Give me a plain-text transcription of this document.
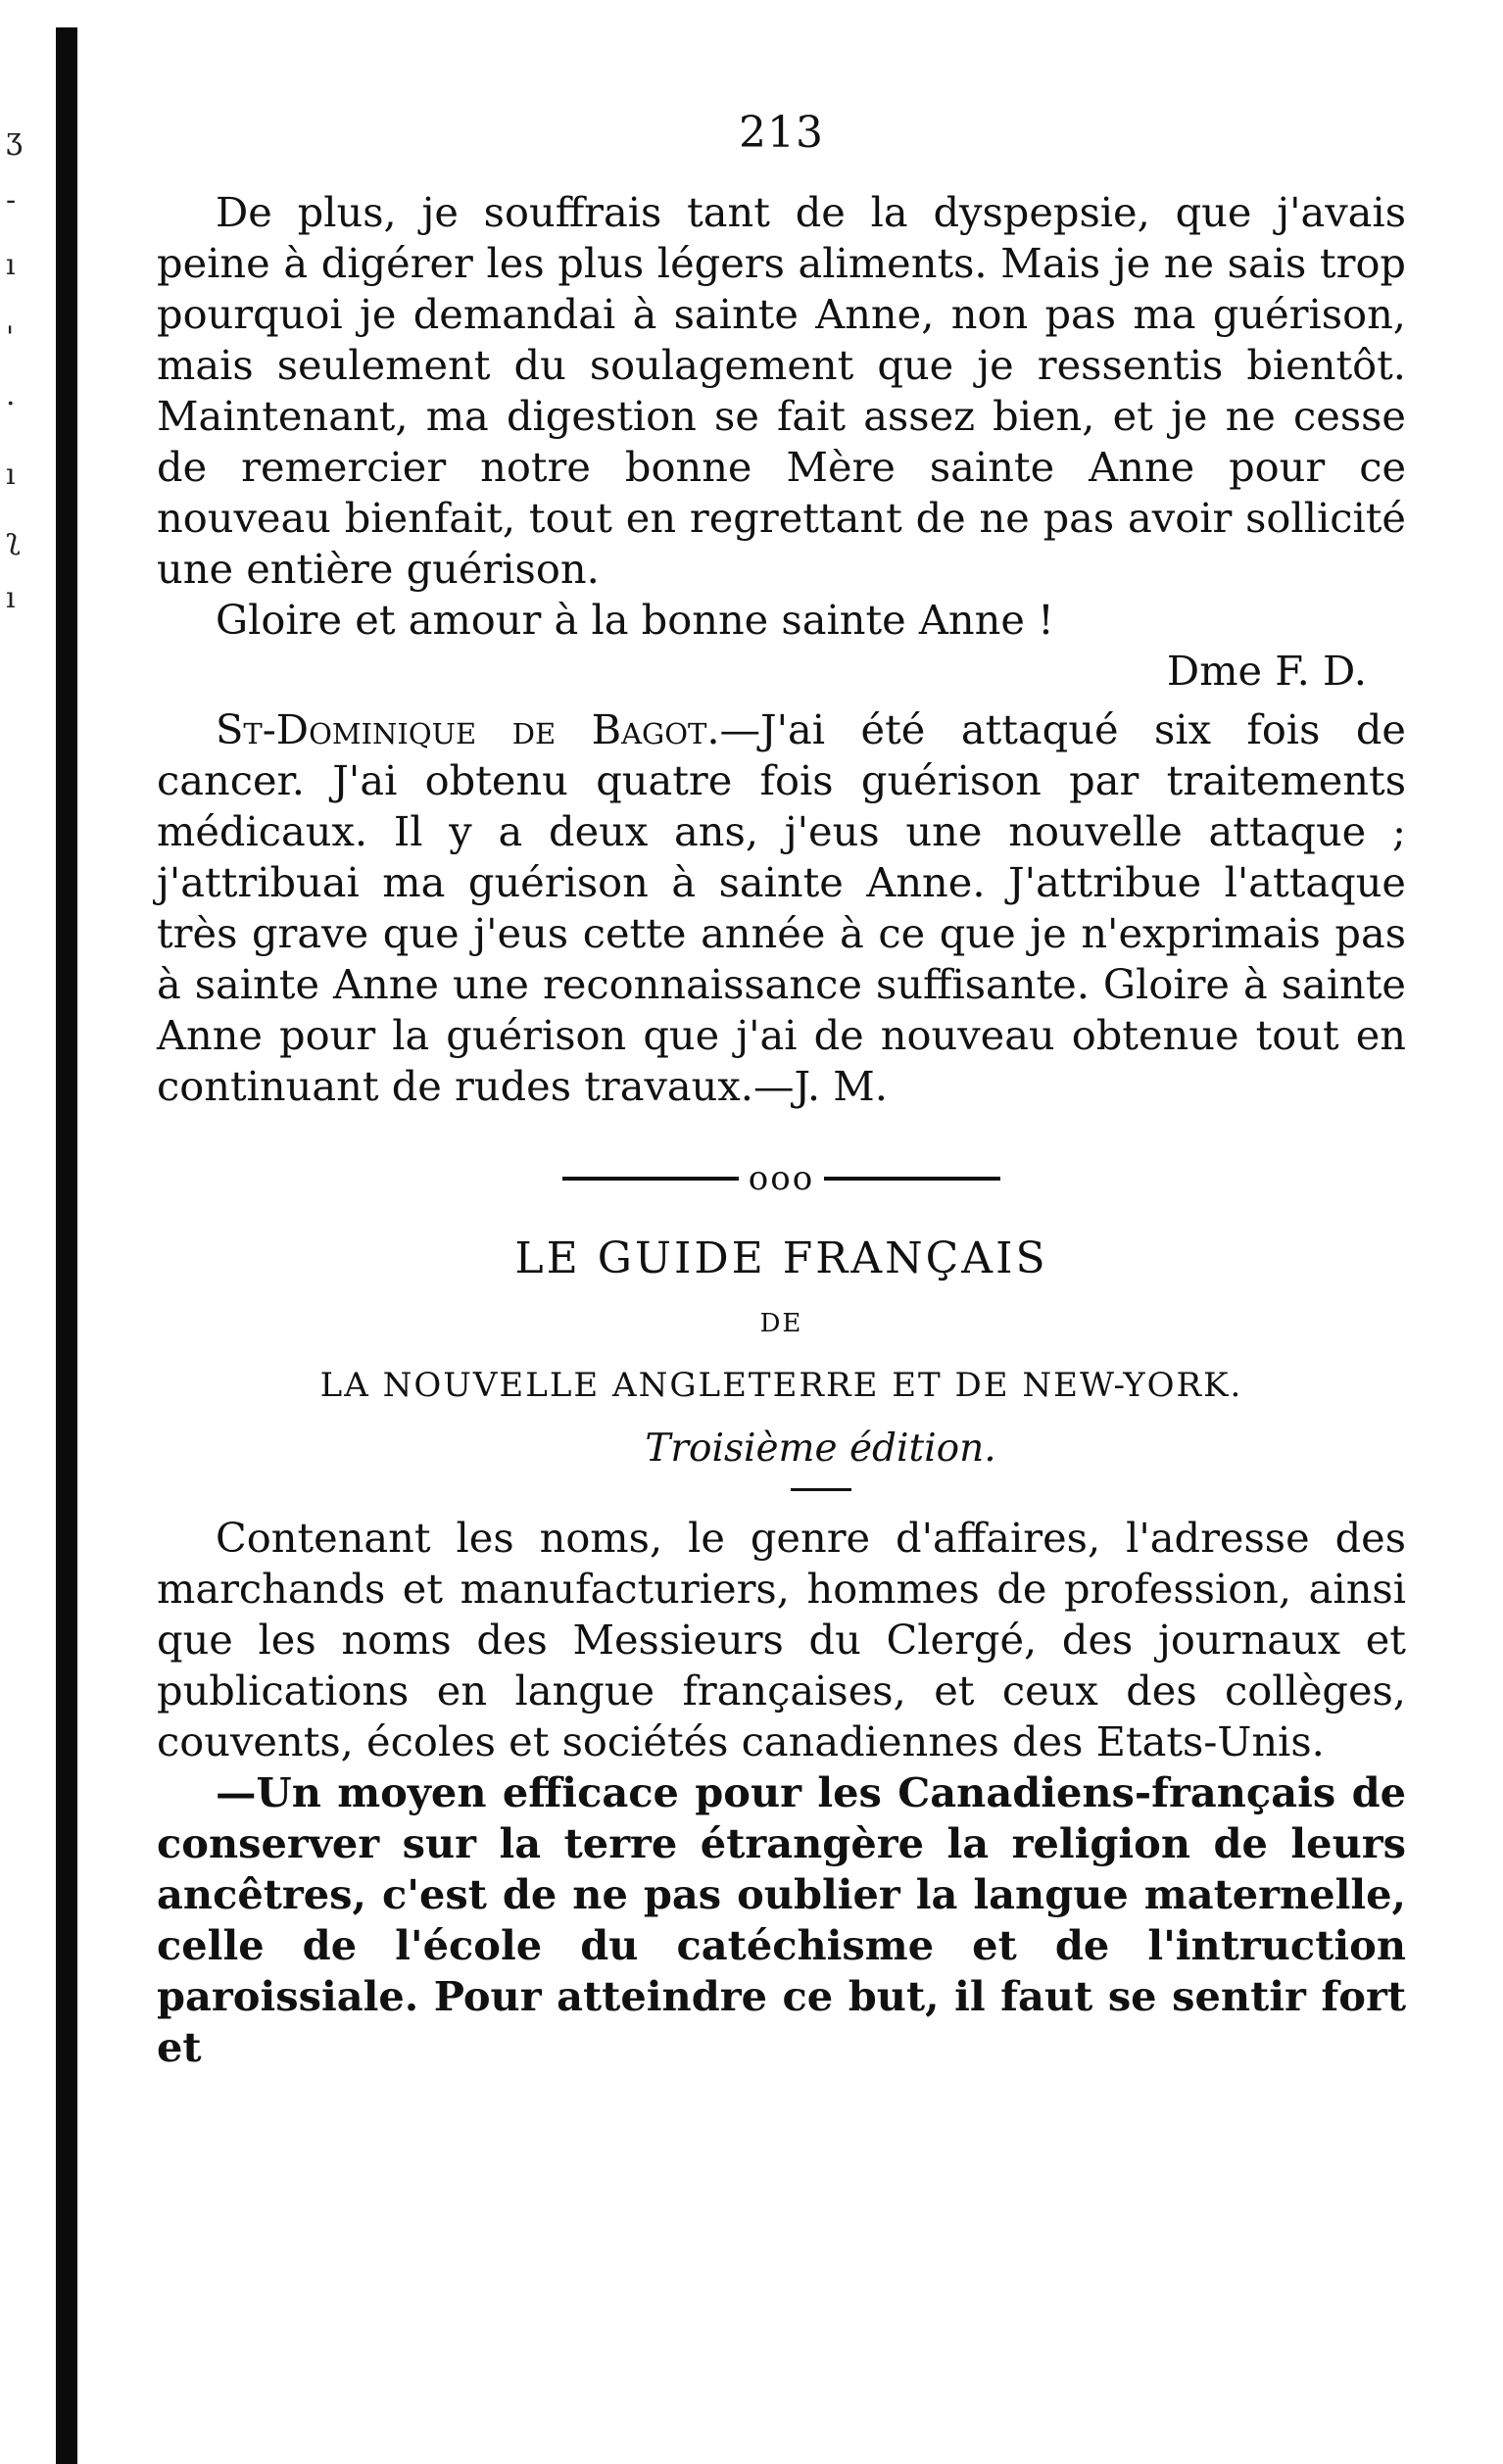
ʒ
-
ı
'
·
ı
ʅ
ı
213

De plus, je souffrais tant de la dyspepsie, que j'avais peine à digérer les plus légers aliments. Mais je ne sais trop pourquoi je demandai à sainte Anne, non pas ma guérison, mais seulement du soulagement que je ressentis bientôt. Maintenant, ma digestion se fait assez bien, et je ne cesse de remercier notre bonne Mère sainte Anne pour ce nouveau bienfait, tout en regrettant de ne pas avoir sollicité une entière guérison.

Gloire et amour à la bonne sainte Anne !

Dme F. D.

St-Dominique de Bagot.—J'ai été attaqué six fois de cancer. J'ai obtenu quatre fois guérison par traitements médicaux. Il y a deux ans, j'eus une nouvelle attaque ; j'attribuai ma guérison à sainte Anne. J'attribue l'attaque très grave que j'eus cette année à ce que je n'exprimais pas à sainte Anne une reconnaissance suffisante. Gloire à sainte Anne pour la guérison que j'ai de nouveau obtenue tout en continuant de rudes travaux.—J. M.

ooo
LE GUIDE FRANÇAIS
DE
LA NOUVELLE ANGLETERRE ET DE NEW-YORK.
Troisième édition.

Contenant les noms, le genre d'affaires, l'adresse des marchands et manufacturiers, hommes de profession, ainsi que les noms des Messieurs du Clergé, des journaux et publications en langue françaises, et ceux des collèges, couvents, écoles et sociétés canadiennes des Etats-Unis.

—Un moyen efficace pour les Canadiens-français de conserver sur la terre étrangère la religion de leurs ancêtres, c'est de ne pas oublier la langue maternelle, celle de l'école du catéchisme et de l'intruction paroissiale. Pour atteindre ce but, il faut se sentir fort et
